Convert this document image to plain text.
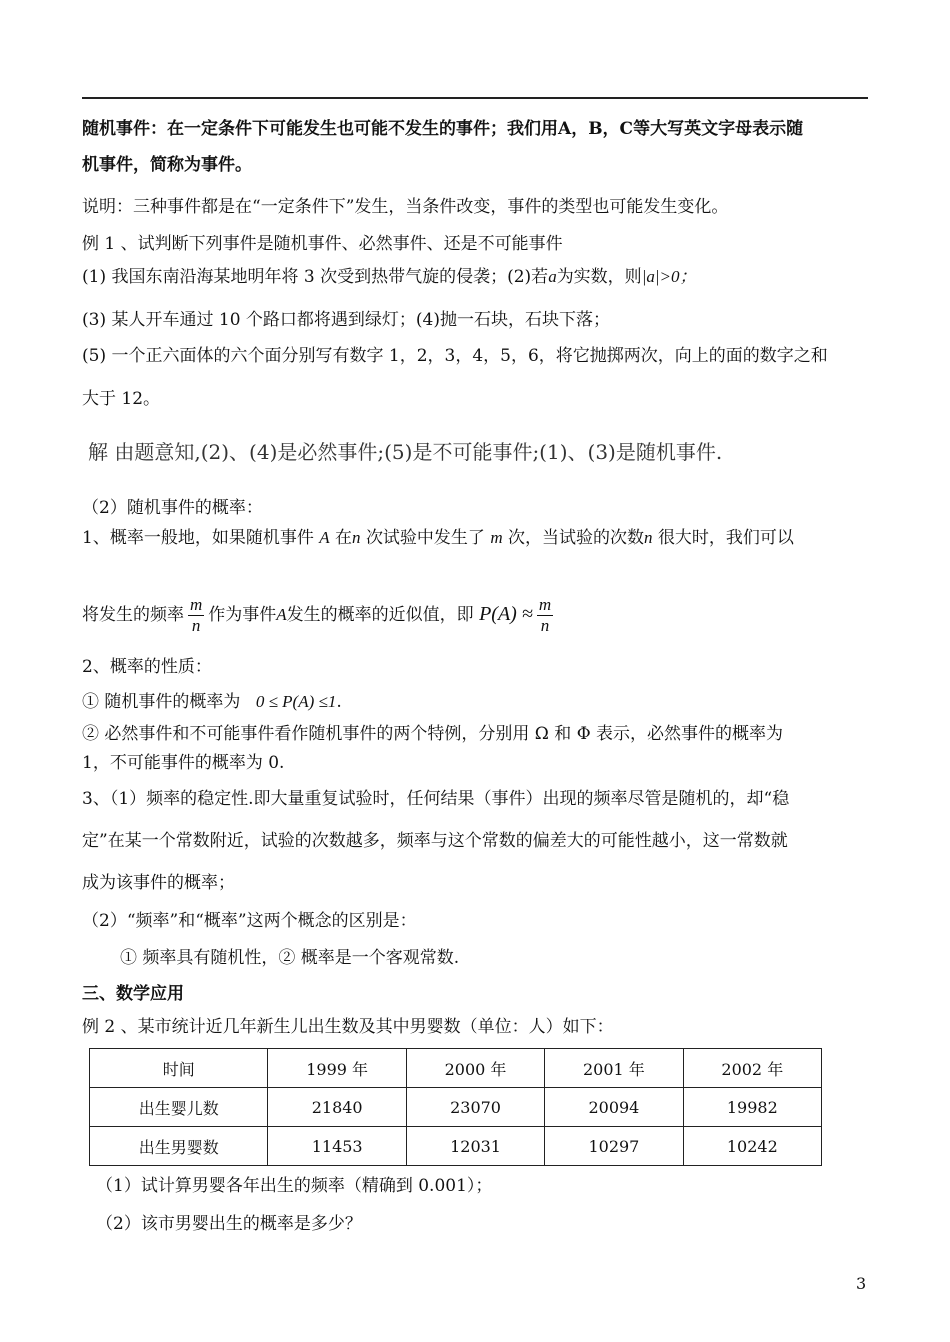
随机事件：在一定条件下可能发生也可能不发生的事件；我们用A，B，C等大写英文字母表示随
机事件，简称为事件。
说明：三种事件都是在“一定条件下”发生，当条件改变，事件的类型也可能发生变化。
例 1 、试判断下列事件是随机事件、必然事件、还是不可能事件
(1) 我国东南沿海某地明年将 3 次受到热带气旋的侵袭；(2)若a为实数，则|a|>0；
(3) 某人开车通过 10 个路口都将遇到绿灯；(4)抛一石块，石块下落；
(5) 一个正六面体的六个面分别写有数字 1，2，3，4，5，6，将它抛掷两次，向上的面的数字之和
大于 12。
解 由题意知,(2)、(4)是必然事件;(5)是不可能事件;(1)、(3)是随机事件.
（2）随机事件的概率：
1、概率一般地，如果随机事件 A 在n 次试验中发生了 m 次，当试验的次数n 很大时，我们可以
将发生的频率 $\frac{m}{n}$ 作为事件A发生的概率的近似值，即 $P(A) \approx \frac{m}{n}$
2、概率的性质：
① 随机事件的概率为 0 ≤ P(A) ≤1.
② 必然事件和不可能事件看作随机事件的两个特例，分别用 Ω 和 Φ 表示，必然事件的概率为
1，不可能事件的概率为 0.
3、（1）频率的稳定性.即大量重复试验时，任何结果（事件）出现的频率尽管是随机的，却“稳
定”在某一个常数附近，试验的次数越多，频率与这个常数的偏差大的可能性越小，这一常数就
成为该事件的概率；
（2）“频率”和“概率”这两个概念的区别是：
① 频率具有随机性，② 概率是一个客观常数.
三、数学应用
例 2 、某市统计近几年新生儿出生数及其中男婴数（单位：人）如下：
时间	1999 年	2000 年	2001 年	2002 年
出生婴儿数	21840	23070	20094	19982
出生男婴数	11453	12031	10297	10242
（1）试计算男婴各年出生的频率（精确到 0.001）；
（2）该市男婴出生的概率是多少？
3
